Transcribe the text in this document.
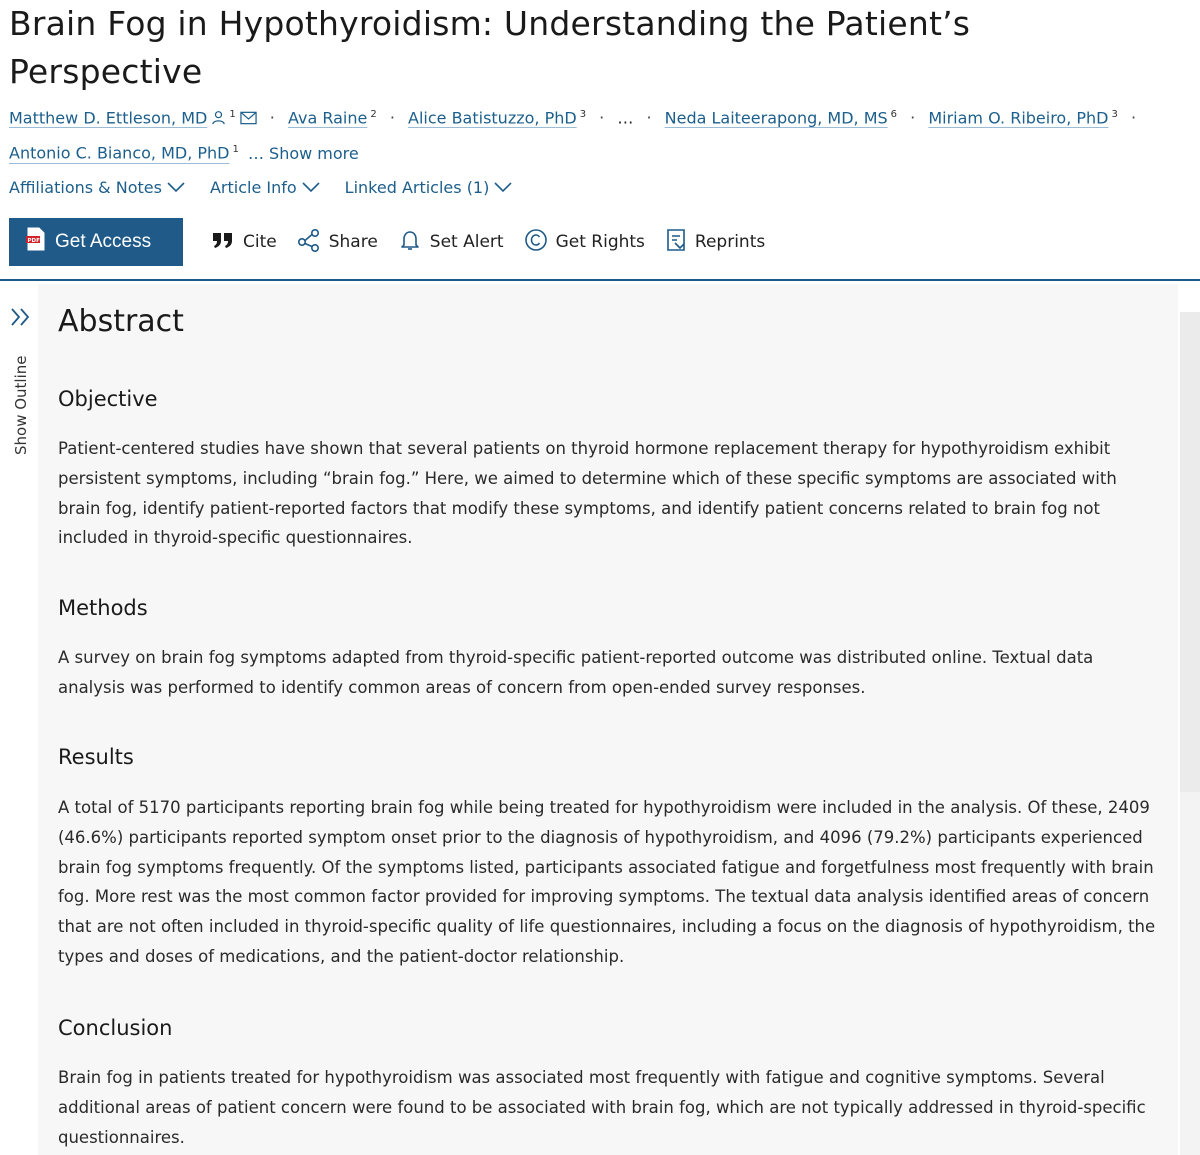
Brain Fog in Hypothyroidism: Understanding the Patient’s Perspective
Matthew D. Ettleson, MD $^1$ · Ava Raine $^2$ · Alice Batistuzzo, PhD $^3$ · … · Neda Laiteerapong, MD, MS $^6$ · Miriam O. Ribeiro, PhD $^3$ ·
Antonio C. Bianco, MD, PhD $^1$ … Show more
Affiliations & Notes	Article Info	Linked Articles (1)
PDF Get Access	Cite	Share	Set Alert	Get Rights	Reprints
Show Outline
Abstract
Objective

Patient-centered studies have shown that several patients on thyroid hormone replacement therapy for hypothyroidism exhibit persistent symptoms, including “brain fog.” Here, we aimed to determine which of these specific symptoms are associated with brain fog, identify patient-reported factors that modify these symptoms, and identify patient concerns related to brain fog not included in thyroid-specific questionnaires.

Methods

A survey on brain fog symptoms adapted from thyroid-specific patient-reported outcome was distributed online. Textual data analysis was performed to identify common areas of concern from open-ended survey responses.

Results

A total of 5170 participants reporting brain fog while being treated for hypothyroidism were included in the analysis. Of these, 2409 (46.6%) participants reported symptom onset prior to the diagnosis of hypothyroidism, and 4096 (79.2%) participants experienced brain fog symptoms frequently. Of the symptoms listed, participants associated fatigue and forgetfulness most frequently with brain fog. More rest was the most common factor provided for improving symptoms. The textual data analysis identified areas of concern that are not often included in thyroid-specific quality of life questionnaires, including a focus on the diagnosis of hypothyroidism, the types and doses of medications, and the patient-doctor relationship.

Conclusion

Brain fog in patients treated for hypothyroidism was associated most frequently with fatigue and cognitive symptoms. Several additional areas of patient concern were found to be associated with brain fog, which are not typically addressed in thyroid-specific questionnaires.
